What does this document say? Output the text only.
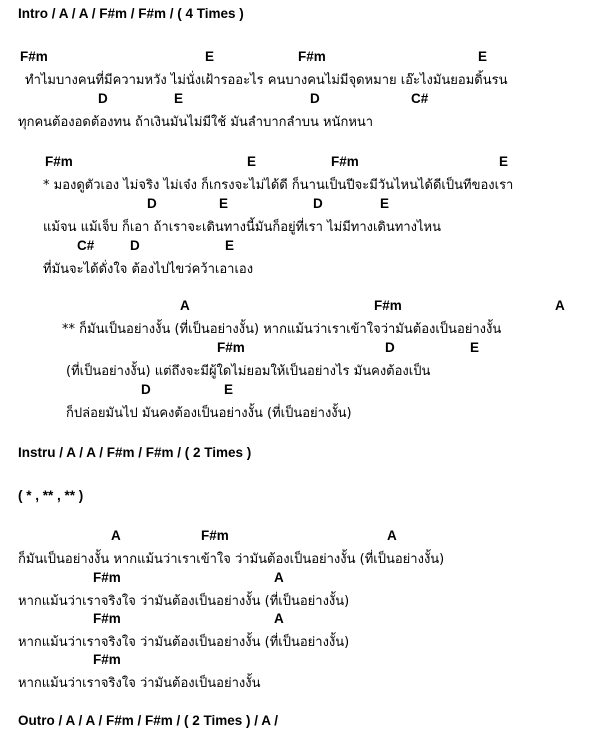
Intro / A / A / F#m / F#m / ( 4 Times )
F#m	E	F#m	E
ทำไมบางคนที่มีความหวัง ไม่นั่งเฝ้ารออะไร คนบางคนไม่มีจุดหมาย เอ๊ะไงมันยอมดิ้นรน
D	E	D	C#
ทุกคนต้องอดต้องทน ถ้าเงินมันไม่มีใช้ มันลำบากลำบน หนักหนา
F#m	E	F#m	E
* มองดูตัวเอง ไม่จริง ไม่เจ๋ง ก็เกรงจะไม่ได้ดี ก็นานเป็นปีจะมีวันไหนได้ดีเป็นทีของเรา
D	E	D	E
แม้จน แม้เจ็บ ก็เอา ถ้าเราจะเดินทางนี้มันก็อยู่ที่เรา ไม่มีทางเดินทางไหน
C#	D	E
ที่มันจะได้ดั่งใจ ต้องไปไขว่คว้าเอาเอง
A	F#m	A
** ก็มันเป็นอย่างงั้น (ที่เป็นอย่างงั้น) หากแม้นว่าเราเข้าใจว่ามันต้องเป็นอย่างงั้น
F#m	D	E
(ที่เป็นอย่างงั้น) แต่ถึงจะมีผู้ใดไม่ยอมให้เป็นอย่างไร มันคงต้องเป็น
D	E
ก็ปล่อยมันไป มันคงต้องเป็นอย่างงั้น (ที่เป็นอย่างงั้น)
Instru / A / A / F#m / F#m / ( 2 Times )
( * , ** , ** )
A	F#m	A
ก็มันเป็นอย่างงั้น หากแม้นว่าเราเข้าใจ ว่ามันต้องเป็นอย่างงั้น (ที่เป็นอย่างงั้น)
F#m	A
หากแม้นว่าเราจริงใจ ว่ามันต้องเป็นอย่างงั้น (ที่เป็นอย่างงั้น)
F#m	A
หากแม้นว่าเราจริงใจ ว่ามันต้องเป็นอย่างงั้น (ที่เป็นอย่างงั้น)
F#m
หากแม้นว่าเราจริงใจ ว่ามันต้องเป็นอย่างงั้น
Outro / A / A / F#m / F#m / ( 2 Times ) / A /
